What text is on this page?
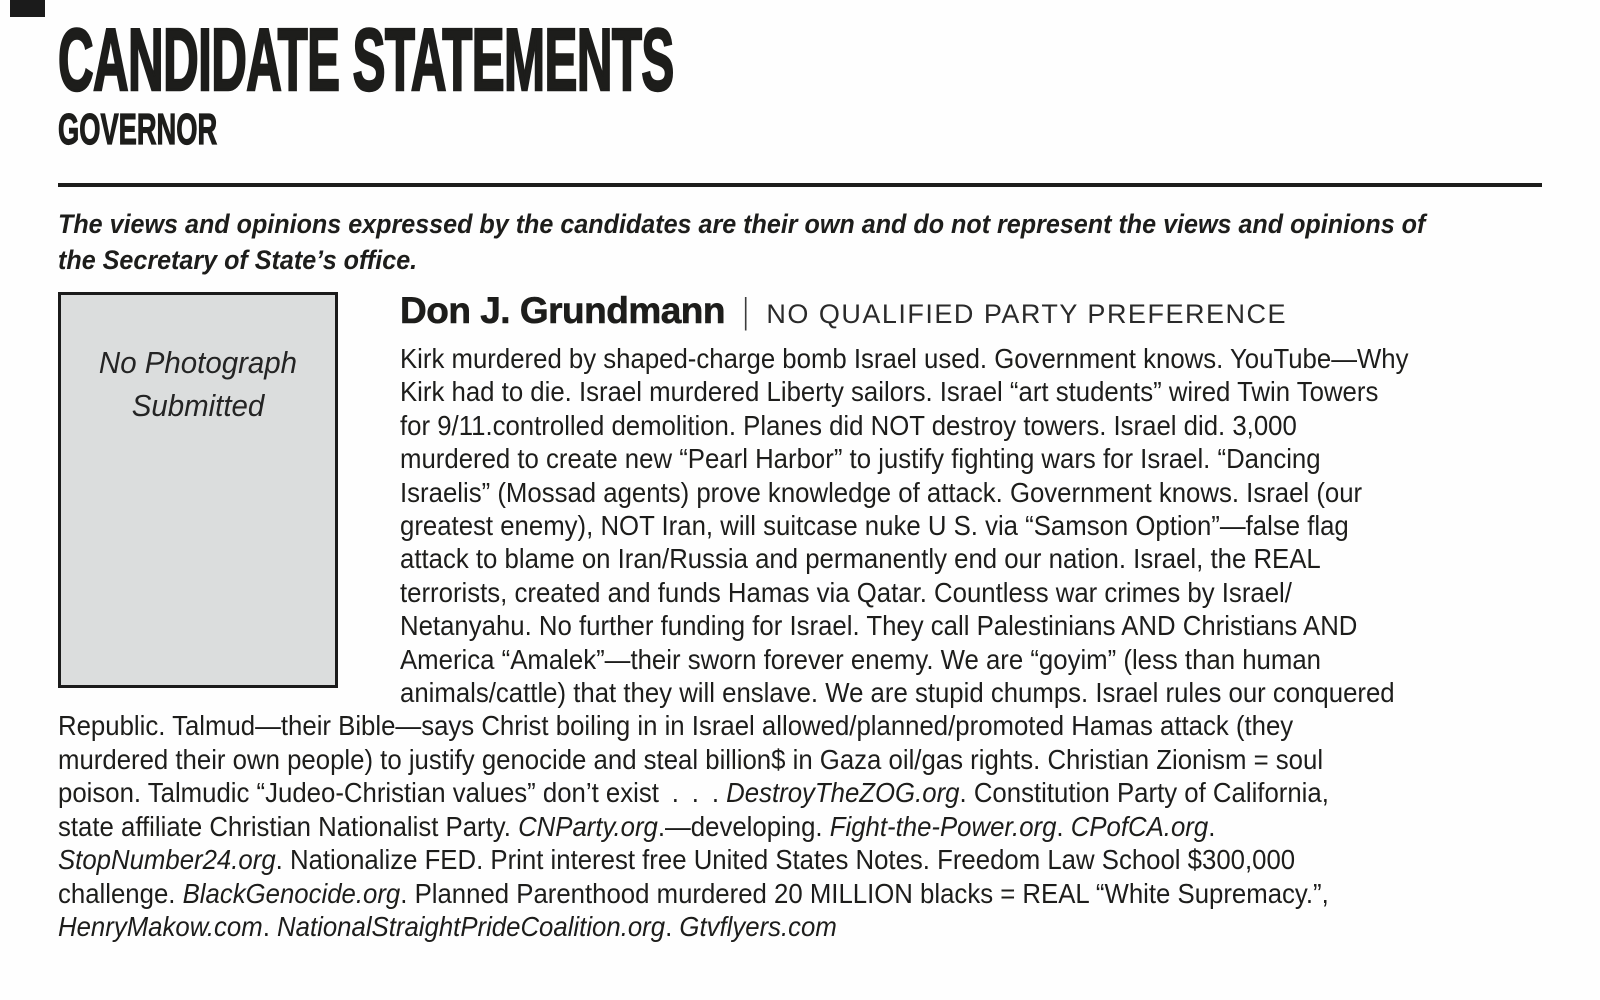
CANDIDATE STATEMENTS
GOVERNOR
The views and opinions expressed by the candidates are their own and do not represent the views and opinions of
the Secretary of State’s office.
No Photograph
Submitted
Don J. Grundmann | NO QUALIFIED PARTY PREFERENCE
Kirk murdered by shaped-charge bomb Israel used. Government knows. YouTube—Why
Kirk had to die. Israel murdered Liberty sailors. Israel “art students” wired Twin Towers
for 9/11.controlled demolition. Planes did NOT destroy towers. Israel did. 3,000
murdered to create new “Pearl Harbor” to justify fighting wars for Israel. “Dancing
Israelis” (Mossad agents) prove knowledge of attack. Government knows. Israel (our
greatest enemy), NOT Iran, will suitcase nuke U S. via “Samson Option”—false flag
attack to blame on Iran/Russia and permanently end our nation. Israel, the REAL
terrorists, created and funds Hamas via Qatar. Countless war crimes by Israel/
Netanyahu. No further funding for Israel. They call Palestinians AND Christians AND
America “Amalek”—their sworn forever enemy. We are “goyim” (less than human
animals/cattle) that they will enslave. We are stupid chumps. Israel rules our conquered
Republic. Talmud—their Bible—says Christ boiling in in Israel allowed/planned/promoted Hamas attack (they
murdered their own people) to justify genocide and steal billion$ in Gaza oil/gas rights. Christian Zionism = soul
poison. Talmudic “Judeo-Christian values” don’t exist . . . DestroyTheZOG.org. Constitution Party of California,
state affiliate Christian Nationalist Party. CNParty.org.—developing. Fight-the-Power.org. CPofCA.org.
StopNumber24.org. Nationalize FED. Print interest free United States Notes. Freedom Law School $300,000
challenge. BlackGenocide.org. Planned Parenthood murdered 20 MILLION blacks = REAL “White Supremacy.”,
HenryMakow.com. NationalStraightPrideCoalition.org. Gtvflyers.com
